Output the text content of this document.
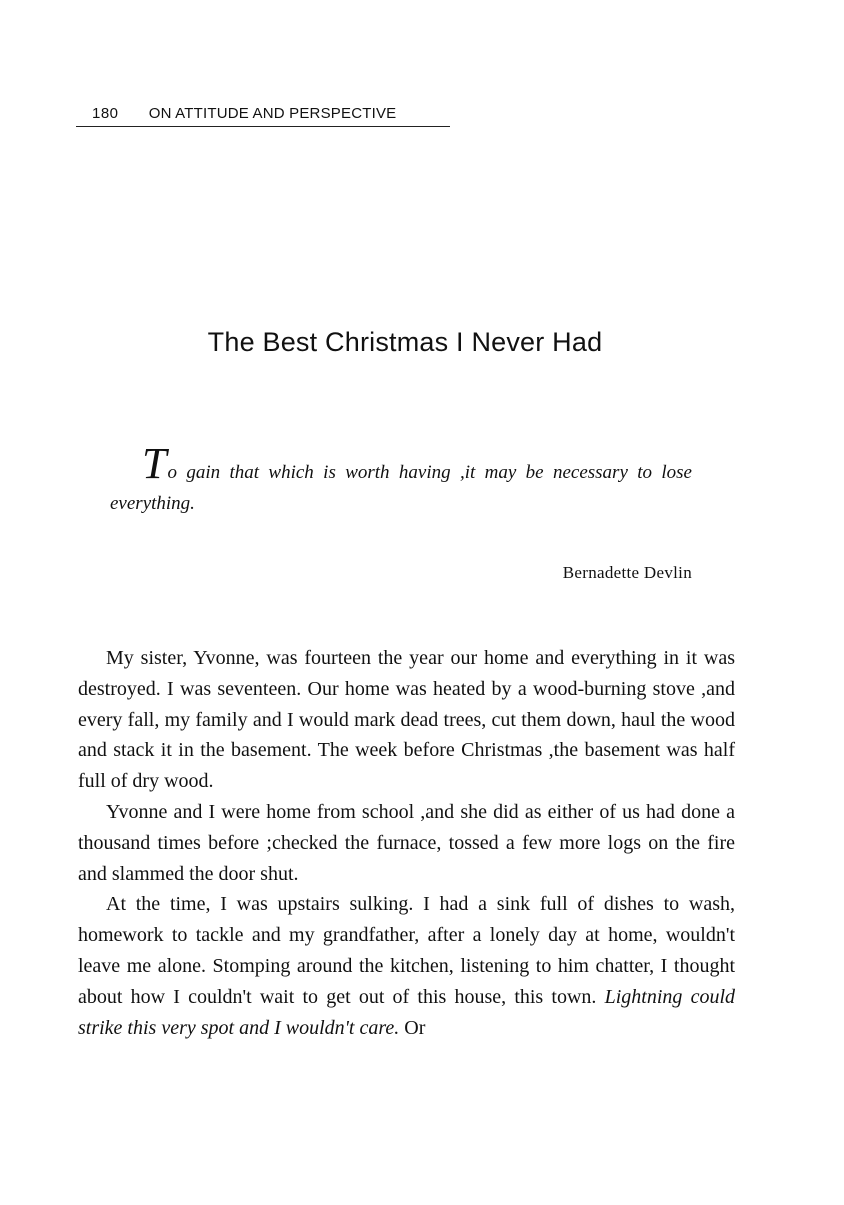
180 ON ATTITUDE AND PERSPECTIVE
The Best Christmas I Never Had
To gain that which is worth having ,it may be necessary to lose everything.
Bernadette Devlin

My sister, Yvonne, was fourteen the year our home and everything in it was destroyed. I was seventeen. Our home was heated by a wood-burning stove ,and every fall, my family and I would mark dead trees, cut them down, haul the wood and stack it in the basement. The week before Christmas ,the basement was half full of dry wood.

Yvonne and I were home from school ,and she did as either of us had done a thousand times before ;checked the furnace, tossed a few more logs on the fire and slammed the door shut.

At the time, I was upstairs sulking. I had a sink full of dishes to wash, homework to tackle and my grandfather, after a lonely day at home, wouldn't leave me alone. Stomping around the kitchen, listening to him chatter, I thought about how I couldn't wait to get out of this house, this town. Lightning could strike this very spot and I wouldn't care. Or
